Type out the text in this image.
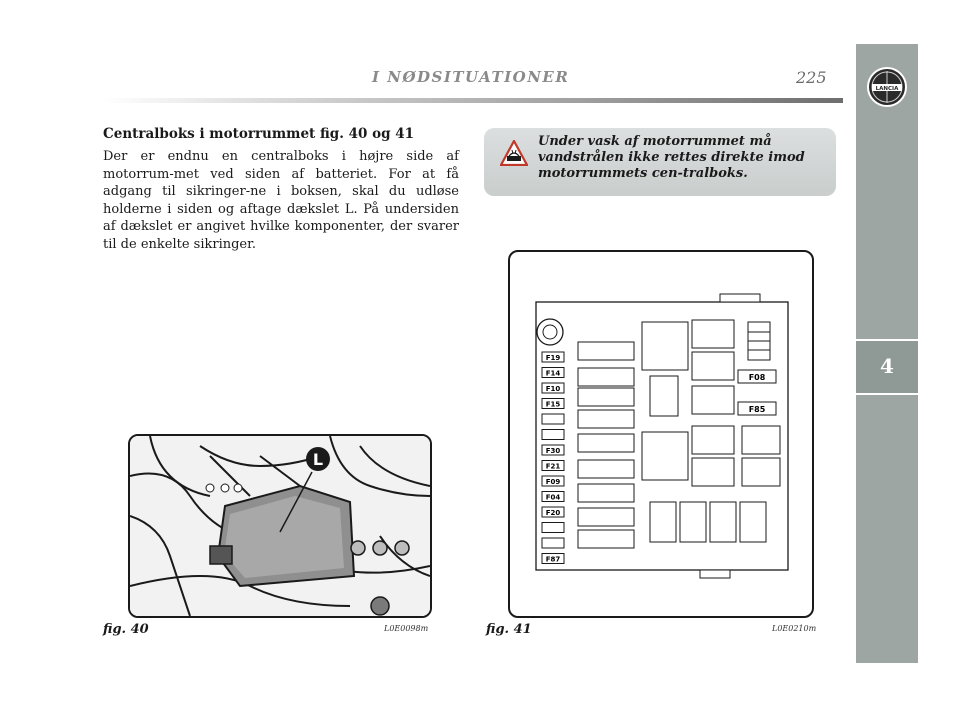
I NØDSITUATIONER	225
4
LANCIA
Centralboks i motorrummet fig. 40 og 41
Der er endnu en centralboks i højre side af motorrum-met ved siden af batteriet. For at få adgang til sikringer-ne i boksen, skal du udløse holderne i siden og aftage dækslet L. På undersiden af dækslet er angivet hvilke komponenter, der svarer til de enkelte sikringer.
Under vask af motorrummet må vandstrålen ikke rettes direkte imod motorrummets cen-tralboks.
L
fig. 40	L0E0098m
F19
F14
F10
F15
F30
F21
F09
F04
F20
F87
F08
F85
fig. 41	L0E0210m
